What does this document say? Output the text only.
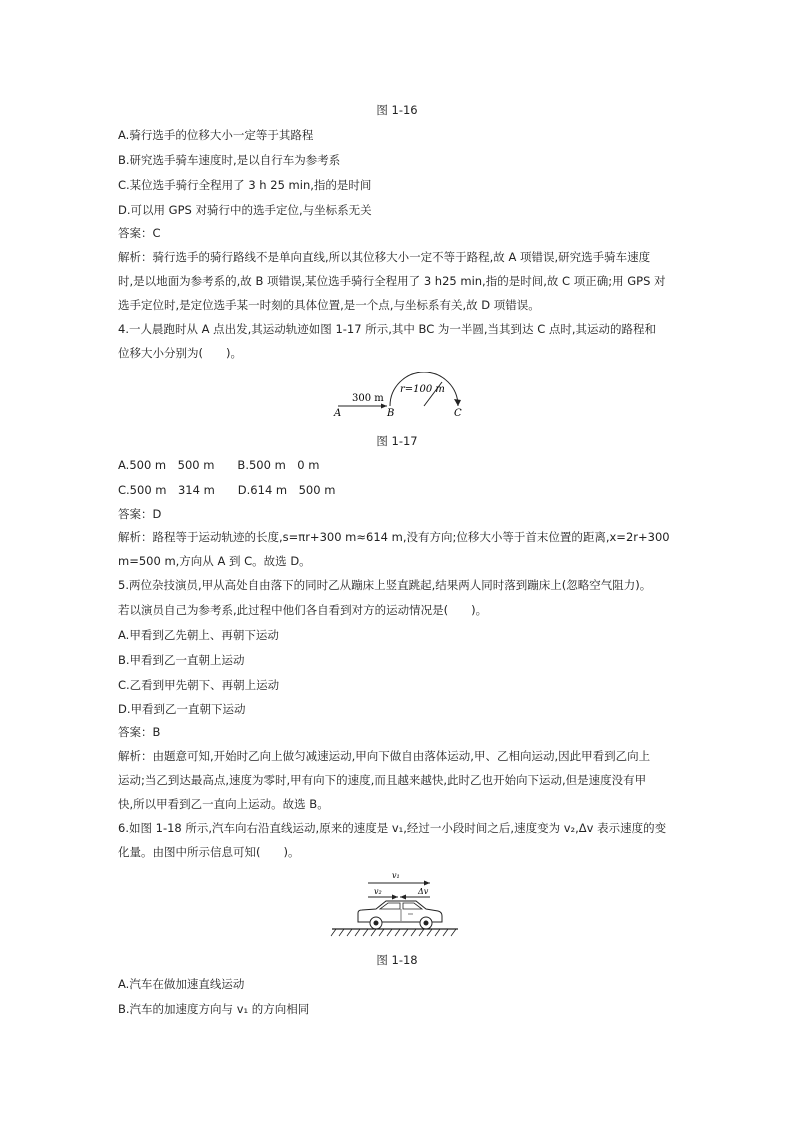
图 1-16
A.骑行选手的位移大小一定等于其路程
B.研究选手骑车速度时,是以自行车为参考系
C.某位选手骑行全程用了 3 h 25 min,指的是时间
D.可以用 GPS 对骑行中的选手定位,与坐标系无关
答案：C
解析：骑行选手的骑行路线不是单向直线,所以其位移大小一定不等于路程,故 A 项错误,研究选手骑车速度
时,是以地面为参考系的,故 B 项错误,某位选手骑行全程用了 3 h25 min,指的是时间,故 C 项正确;用 GPS 对
选手定位时,是定位选手某一时刻的具体位置,是一个点,与坐标系有关,故 D 项错误。
4.一人晨跑时从 A 点出发,其运动轨迹如图 1-17 所示,其中 BC 为一半圆,当其到达 C 点时,其运动的路程和
位移大小分别为(　　)。
300 m
r=100 m
A	B	C
图 1-17
A.500 m　500 m　　B.500 m　0 m
C.500 m　314 m　　D.614 m　500 m
答案：D
解析：路程等于运动轨迹的长度,s=πr+300 m≈614 m,没有方向;位移大小等于首末位置的距离,x=2r+300
m=500 m,方向从 A 到 C。故选 D。
5.两位杂技演员,甲从高处自由落下的同时乙从蹦床上竖直跳起,结果两人同时落到蹦床上(忽略空气阻力)。
若以演员自己为参考系,此过程中他们各自看到对方的运动情况是(　　)。
A.甲看到乙先朝上、再朝下运动
B.甲看到乙一直朝上运动
C.乙看到甲先朝下、再朝上运动
D.甲看到乙一直朝下运动
答案：B
解析：由题意可知,开始时乙向上做匀减速运动,甲向下做自由落体运动,甲、乙相向运动,因此甲看到乙向上
运动;当乙到达最高点,速度为零时,甲有向下的速度,而且越来越快,此时乙也开始向下运动,但是速度没有甲
快,所以甲看到乙一直向上运动。故选 B。
6.如图 1-18 所示,汽车向右沿直线运动,原来的速度是 v₁,经过一小段时间之后,速度变为 v₂,Δv 表示速度的变
化量。由图中所示信息可知(　　)。
v₁
v₂	Δv
图 1-18
A.汽车在做加速直线运动
B.汽车的加速度方向与 v₁ 的方向相同
